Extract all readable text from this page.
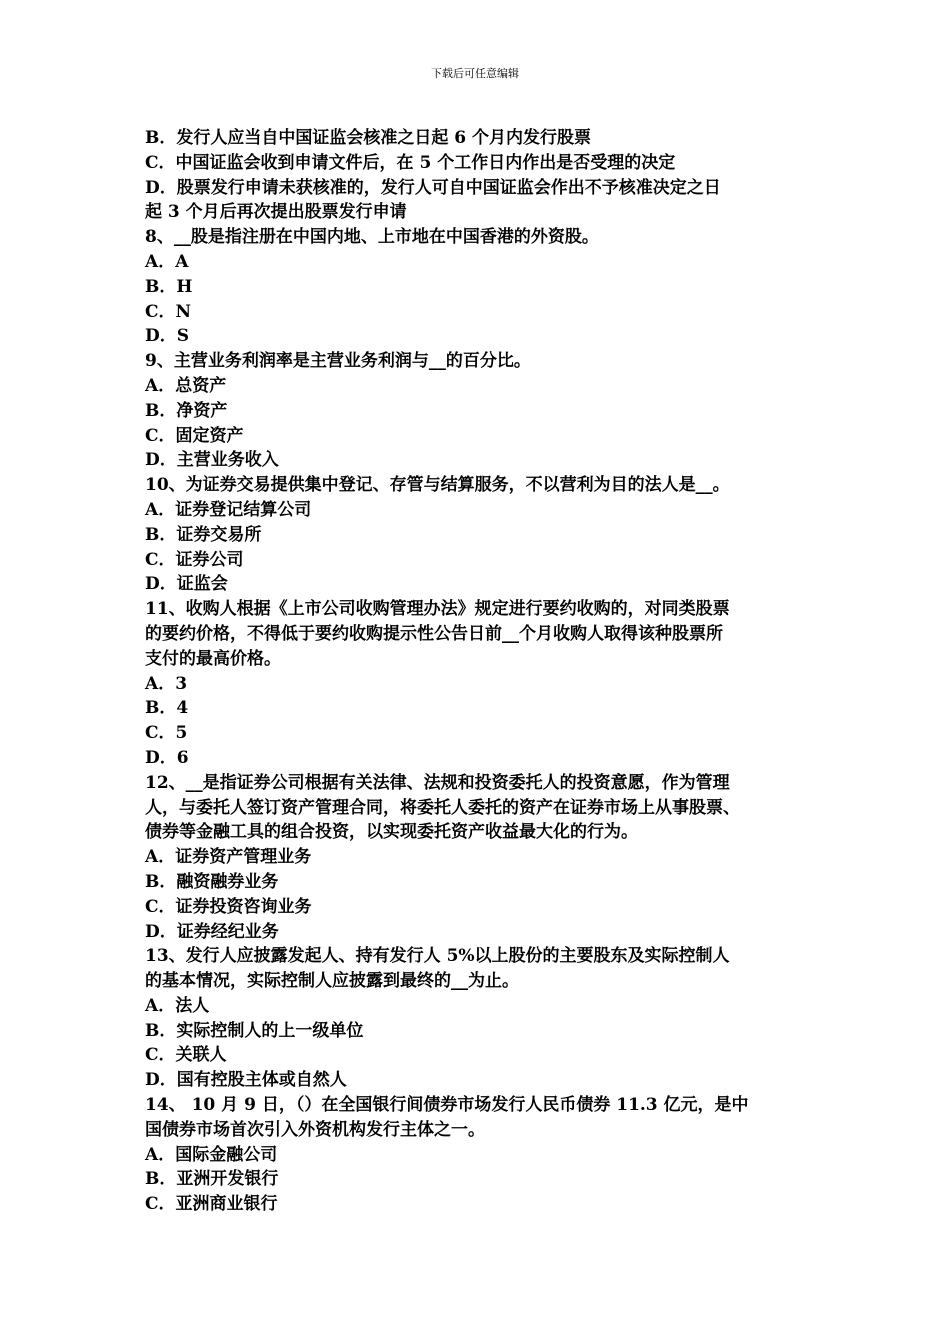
下载后可任意编辑
B．发行人应当自中国证监会核准之日起 6 个月内发行股票
C．中国证监会收到申请文件后，在 5 个工作日内作出是否受理的决定
D．股票发行申请未获核准的，发行人可自中国证监会作出不予核准决定之日
起 3 个月后再次提出股票发行申请
8、__股是指注册在中国内地、上市地在中国香港的外资股。
A．A
B．H
C．N
D．S
9、主营业务利润率是主营业务利润与__的百分比。
A．总资产
B．净资产
C．固定资产
D．主营业务收入
10、为证券交易提供集中登记、存管与结算服务，不以营利为目的法人是__。
A．证券登记结算公司
B．证券交易所
C．证券公司
D．证监会
11、收购人根据《上市公司收购管理办法》规定进行要约收购的，对同类股票
的要约价格，不得低于要约收购提示性公告日前__个月收购人取得该种股票所
支付的最高价格。
A．3
B．4
C．5
D．6
12、__是指证券公司根据有关法律、法规和投资委托人的投资意愿，作为管理
人，与委托人签订资产管理合同，将委托人委托的资产在证券市场上从事股票、
债券等金融工具的组合投资，以实现委托资产收益最大化的行为。
A．证券资产管理业务
B．融资融券业务
C．证券投资咨询业务
D．证券经纪业务
13、发行人应披露发起人、持有发行人 5%以上股份的主要股东及实际控制人
的基本情况，实际控制人应披露到最终的__为止。
A．法人
B．实际控制人的上一级单位
C．关联人
D．国有控股主体或自然人
14、 10 月 9 日，（）在全国银行间债券市场发行人民币债券 11.3 亿元，是中
国债券市场首次引入外资机构发行主体之一。
A．国际金融公司
B．亚洲开发银行
C．亚洲商业银行
